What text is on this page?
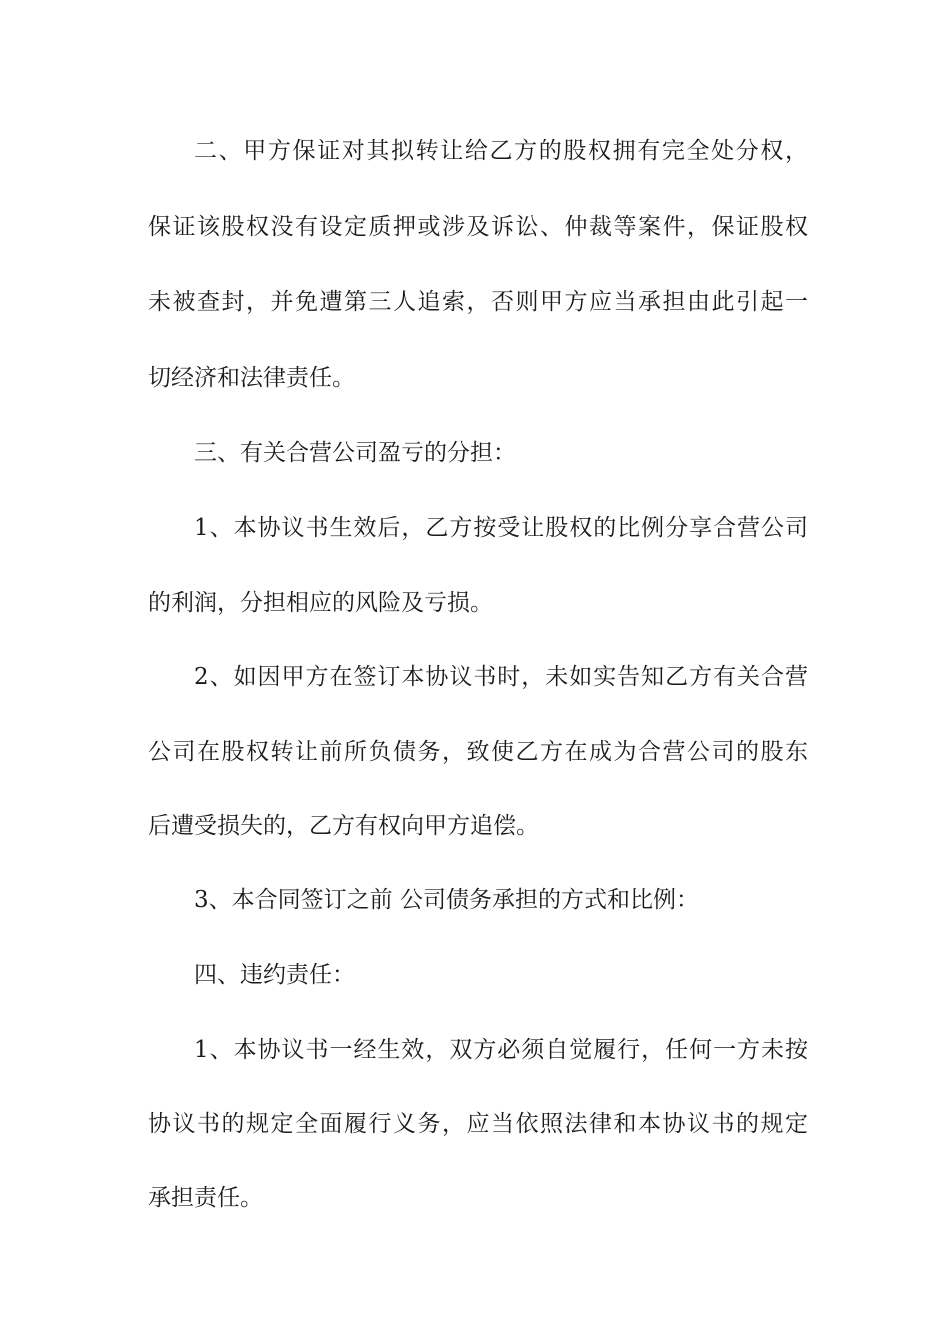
二、甲方保证对其拟转让给乙方的股权拥有完全处分权，
保证该股权没有设定质押或涉及诉讼、仲裁等案件，保证股权
未被查封，并免遭第三人追索，否则甲方应当承担由此引起一
切经济和法律责任。
三、有关合营公司盈亏的分担：
1、本协议书生效后，乙方按受让股权的比例分享合营公司
的利润，分担相应的风险及亏损。
2、如因甲方在签订本协议书时，未如实告知乙方有关合营
公司在股权转让前所负债务，致使乙方在成为合营公司的股东
后遭受损失的，乙方有权向甲方追偿。
3、本合同签订之前 公司债务承担的方式和比例：
四、违约责任：
1、本协议书一经生效，双方必须自觉履行，任何一方未按
协议书的规定全面履行义务，应当依照法律和本协议书的规定
承担责任。
